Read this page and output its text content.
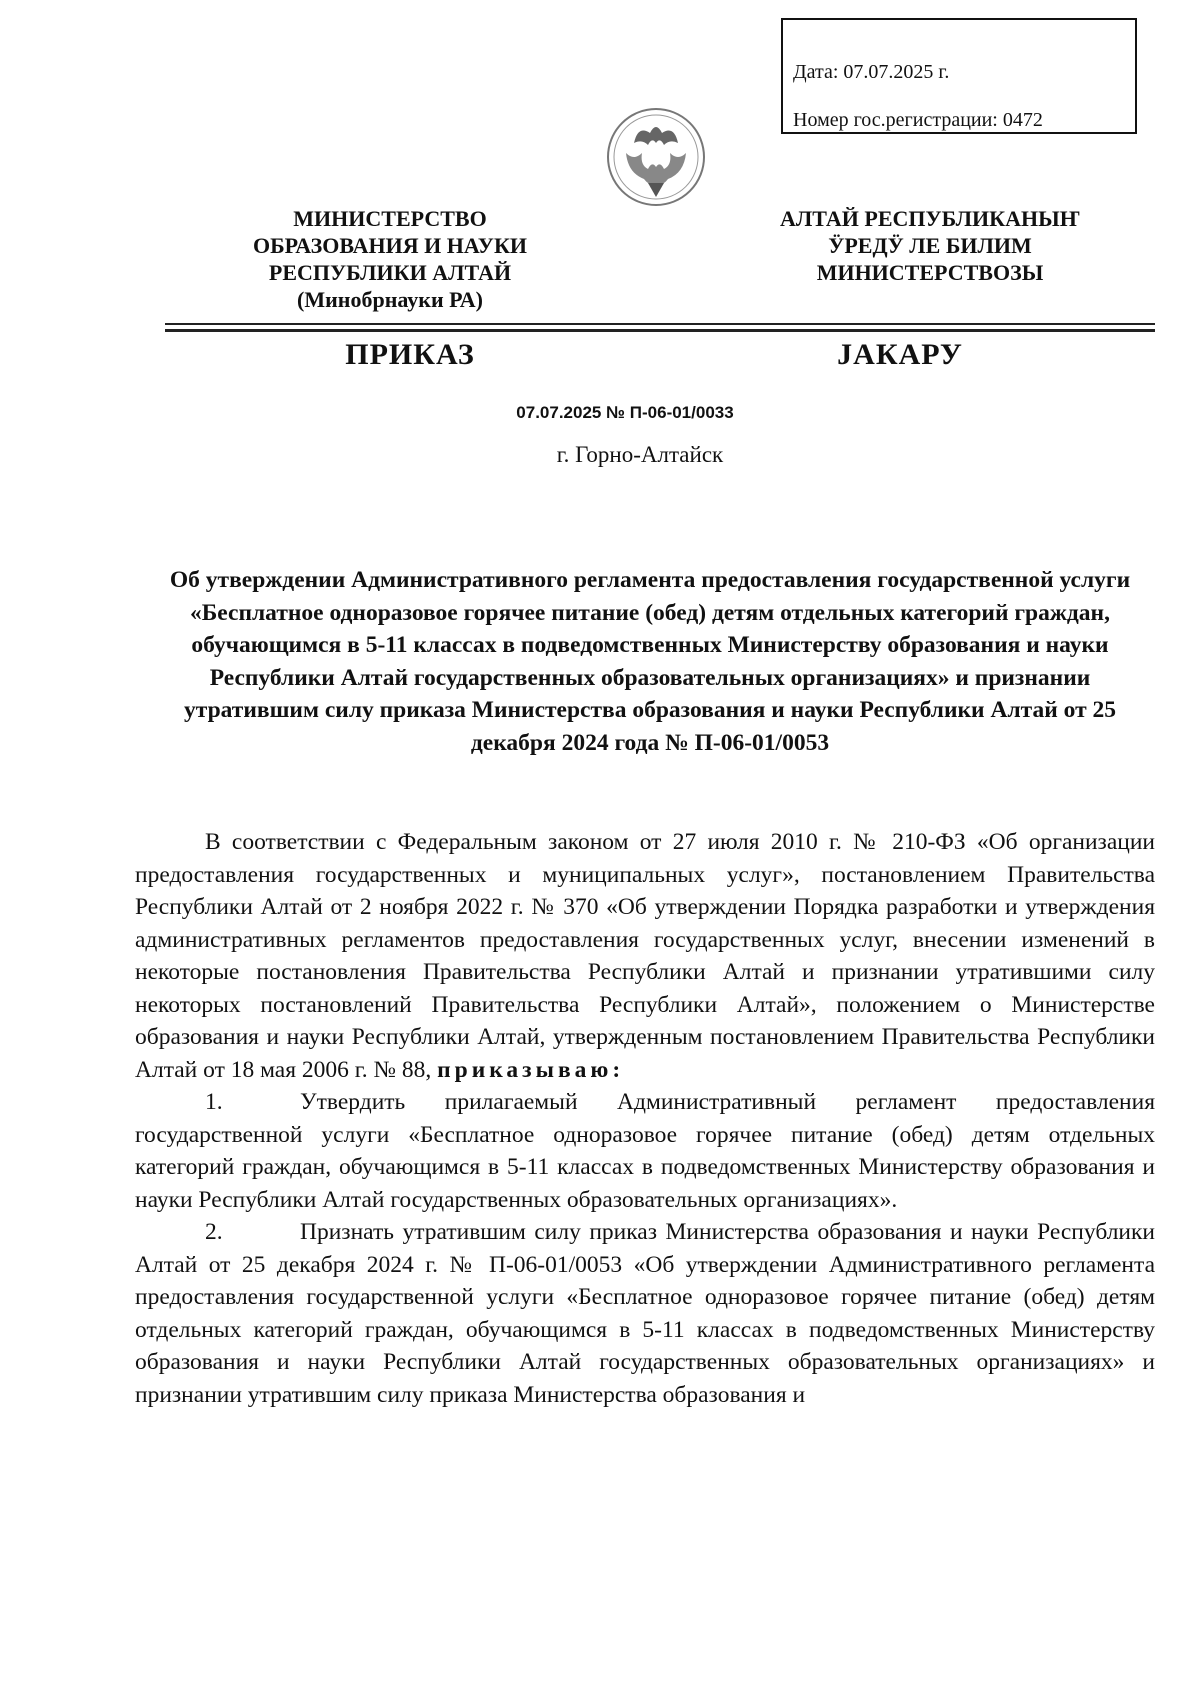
Дата: 07.07.2025 г.
Номер гос.регистрации: 0472
МИНИСТЕРСТВО
ОБРАЗОВАНИЯ И НАУКИ
РЕСПУБЛИКИ АЛТАЙ
(Минобрнауки РА)
АЛТАЙ РЕСПУБЛИКАНЫҤ
ӰРЕДӰ ЛЕ БИЛИМ
МИНИСТЕРСТВОЗЫ
ПРИКАЗ	ЈАКАРУ
07.07.2025 № П-06-01/0033
г. Горно-Алтайск
Об утверждении Административного регламента предоставления государственной услуги «Бесплатное одноразовое горячее питание (обед) детям отдельных категорий граждан, обучающимся в 5-11 классах в подведомственных Министерству образования и науки Республики Алтай государственных образовательных организациях» и признании утратившим силу приказа Министерства образования и науки Республики Алтай от 25 декабря 2024 года № П-06-01/0053

В соответствии с Федеральным законом от 27 июля 2010 г. № 210-ФЗ «Об организации предоставления государственных и муниципальных услуг», постановлением Правительства Республики Алтай от 2 ноября 2022 г. № 370 «Об утверждении Порядка разработки и утверждения административных регламентов предоставления государственных услуг, внесении изменений в некоторые постановления Правительства Республики Алтай и признании утратившими силу некоторых постановлений Правительства Республики Алтай», положением о Министерстве образования и науки Республики Алтай, утвержденным постановлением Правительства Республики Алтай от 18 мая 2006 г. № 88, приказываю:

1.	Утвердить прилагаемый Административный регламент предоставления государственной услуги «Бесплатное одноразовое горячее питание (обед) детям отдельных категорий граждан, обучающимся в 5-11 классах в подведомственных Министерству образования и науки Республики Алтай государственных образовательных организациях».

2.	Признать утратившим силу приказ Министерства образования и науки Республики Алтай от 25 декабря 2024 г. № П-06-01/0053 «Об утверждении Административного регламента предоставления государственной услуги «Бесплатное одноразовое горячее питание (обед) детям отдельных категорий граждан, обучающимся в 5-11 классах в подведомственных Министерству образования и науки Республики Алтай государственных образовательных организациях» и признании утратившим силу приказа Министерства образования и
